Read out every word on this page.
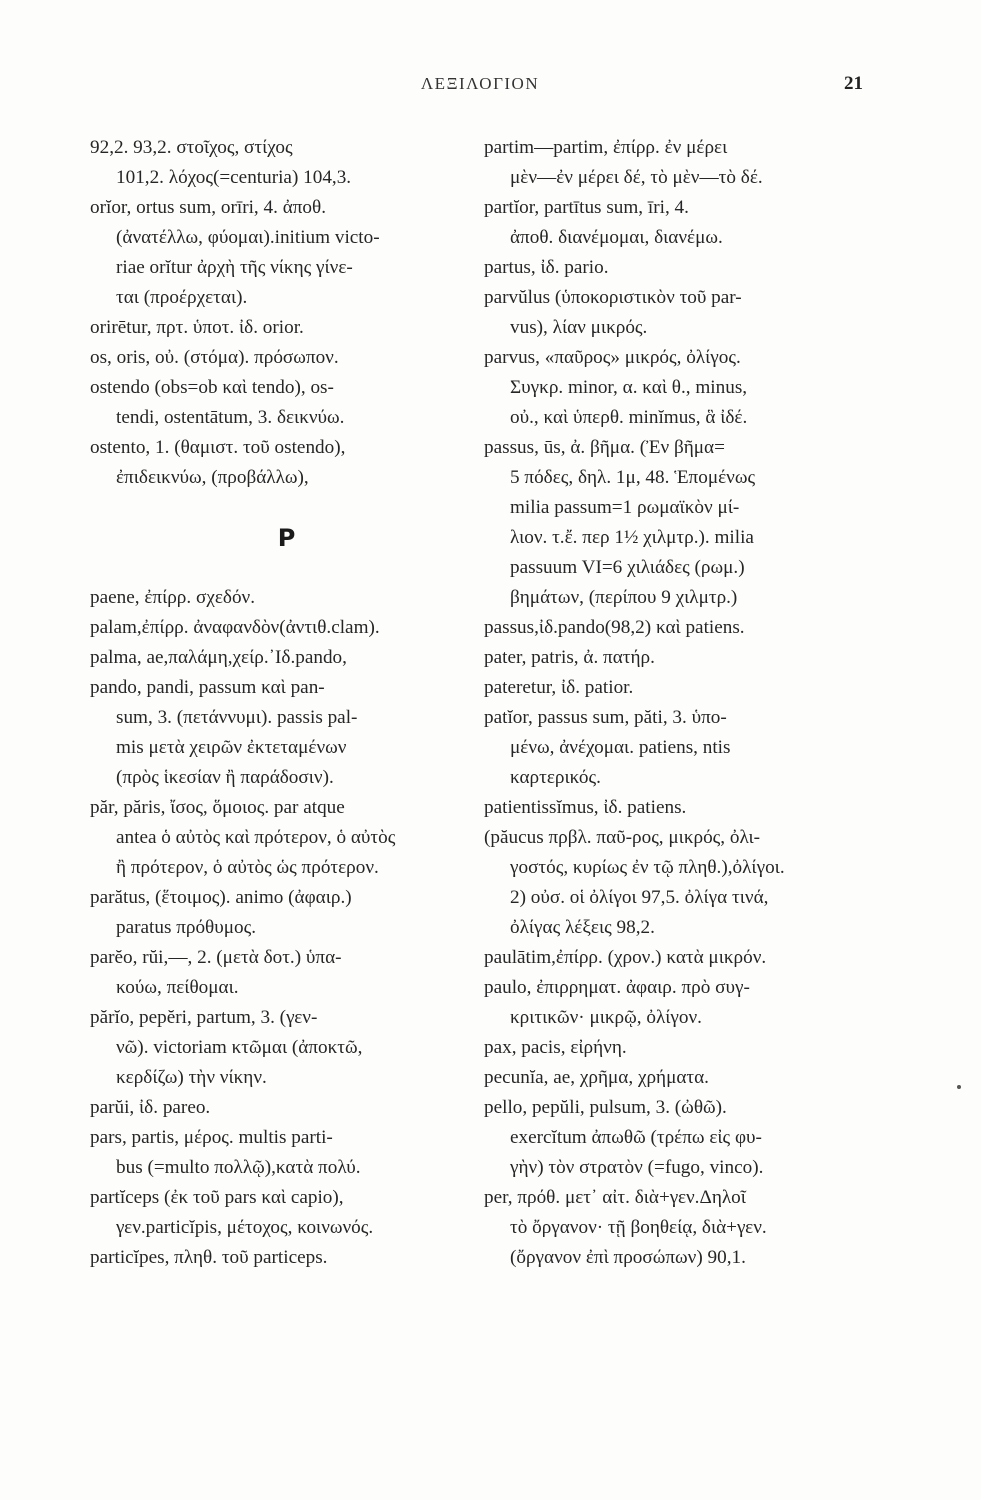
ΛΕΞΙΛΟΓΙΟΝ	21
92,2. 93,2. στοῖχος, στίχος
101,2. λόχος(=centuria) 104,3.
orĭor, ortus sum, orīri, 4. ἀποθ.
(ἀνατέλλω, φύομαι).initium victo-
riae orĭtur ἀρχὴ τῆς νίκης γίνε-
ται (προέρχεται).
orirētur, πρτ. ὑποτ. ἰδ. orior.
os, oris, οὐ. (στόμα). πρόσωπον.
ostendo (obs=ob καὶ tendo), os-
tendi, ostentātum, 3. δεικνύω.
ostento, 1. (θαμιστ. τοῦ ostendo),
ἐπιδεικνύω, (προβάλλω),
P
paene, ἐπίρρ. σχεδόν.
palam,ἐπίρρ. ἀναφανδὸν(ἀντιθ.clam).
palma, ae,παλάμη,χείρ.᾿Ιδ.pando,
pando, pandi, passum καὶ pan-
sum, 3. (πετάννυμι). passis pal-
mis μετὰ χειρῶν ἐκτεταμένων
(πρὸς ἱκεσίαν ἢ παράδοσιν).
păr, păris, ἴσος, ὅμοιος. par atque
antea ὁ αὐτὸς καὶ πρότερον, ὁ αὐτὸς
ἢ πρότερον, ὁ αὐτὸς ὡς πρότερον.
parătus, (ἕτοιμος). animo (ἀφαιρ.)
paratus πρόθυμος.
parĕo, rŭi,—, 2. (μετὰ δοτ.) ὑπα-
κούω, πείθομαι.
părĭo, pepĕri, partum, 3. (γεν-
νῶ). victoriam κτῶμαι (ἀποκτῶ,
κερδίζω) τὴν νίκην.
parŭi, ἰδ. pareo.
pars, partis, μέρος. multis parti-
bus (=multo πολλῷ),κατὰ πολύ.
partĭceps (ἐκ τοῦ pars καὶ capio),
γεν.particĭpis, μέτοχος, κοινωνός.
particĭpes, πληθ. τοῦ particeps.
partim—partim, ἐπίρρ. ἐν μέρει
μὲν—ἐν μέρει δέ, τὸ μὲν—τὸ δέ.
partĭor, partītus sum, īri, 4.
ἀποθ. διανέμομαι, διανέμω.
partus, ἰδ. pario.
parvŭlus (ὑποκοριστικὸν τοῦ par-
vus), λίαν μικρός.
parvus, «παῦρος» μικρός, ὀλίγος.
Συγκρ. minor, α. καὶ θ., minus,
οὐ., καὶ ὑπερθ. minĭmus, ἃ ἰδέ.
passus, ūs, ἀ. βῆμα. (Ἐν βῆμα=
5 πόδες, δηλ. 1μ, 48. Ἑπομένως
milia passum=1 ρωμαϊκὸν μί-
λιον. τ.ἔ. περ 1½ χιλμτρ.). milia
passuum VI=6 χιλιάδες (ρωμ.)
βημάτων, (περίπου 9 χιλμτρ.)
passus,ἰδ.pando(98,2) καὶ patiens.
pater, patris, ἀ. πατήρ.
pateretur, ἰδ. patior.
patĭor, passus sum, păti, 3. ὑπο-
μένω, ἀνέχομαι. patiens, ntis
καρτερικός.
patientissĭmus, ἰδ. patiens.
(păucus πρβλ. παῦ-ρος, μικρός, ὀλι-
γοστός, κυρίως ἐν τῷ πληθ.),ὀλίγοι.
2) οὐσ. οἱ ὀλίγοι 97,5. ὀλίγα τινά,
ὀλίγας λέξεις 98,2.
paulātim,ἐπίρρ. (χρον.) κατὰ μικρόν.
paulo, ἐπιρρηματ. ἀφαιρ. πρὸ συγ-
κριτικῶν· μικρῷ, ὀλίγον.
pax, pacis, εἰρήνη.
pecunĭa, ae, χρῆμα, χρήματα.
pello, pepŭli, pulsum, 3. (ὠθῶ).
exercĭtum ἀπωθῶ (τρέπω εἰς φυ-
γὴν) τὸν στρατὸν (=fugo, vinco).
per, πρόθ. μετ᾿ αἰτ. διὰ+γεν.Δηλοῖ
τὸ ὄργανον· τῇ βοηθείᾳ, διὰ+γεν.
(ὄργανον ἐπὶ προσώπων) 90,1.
